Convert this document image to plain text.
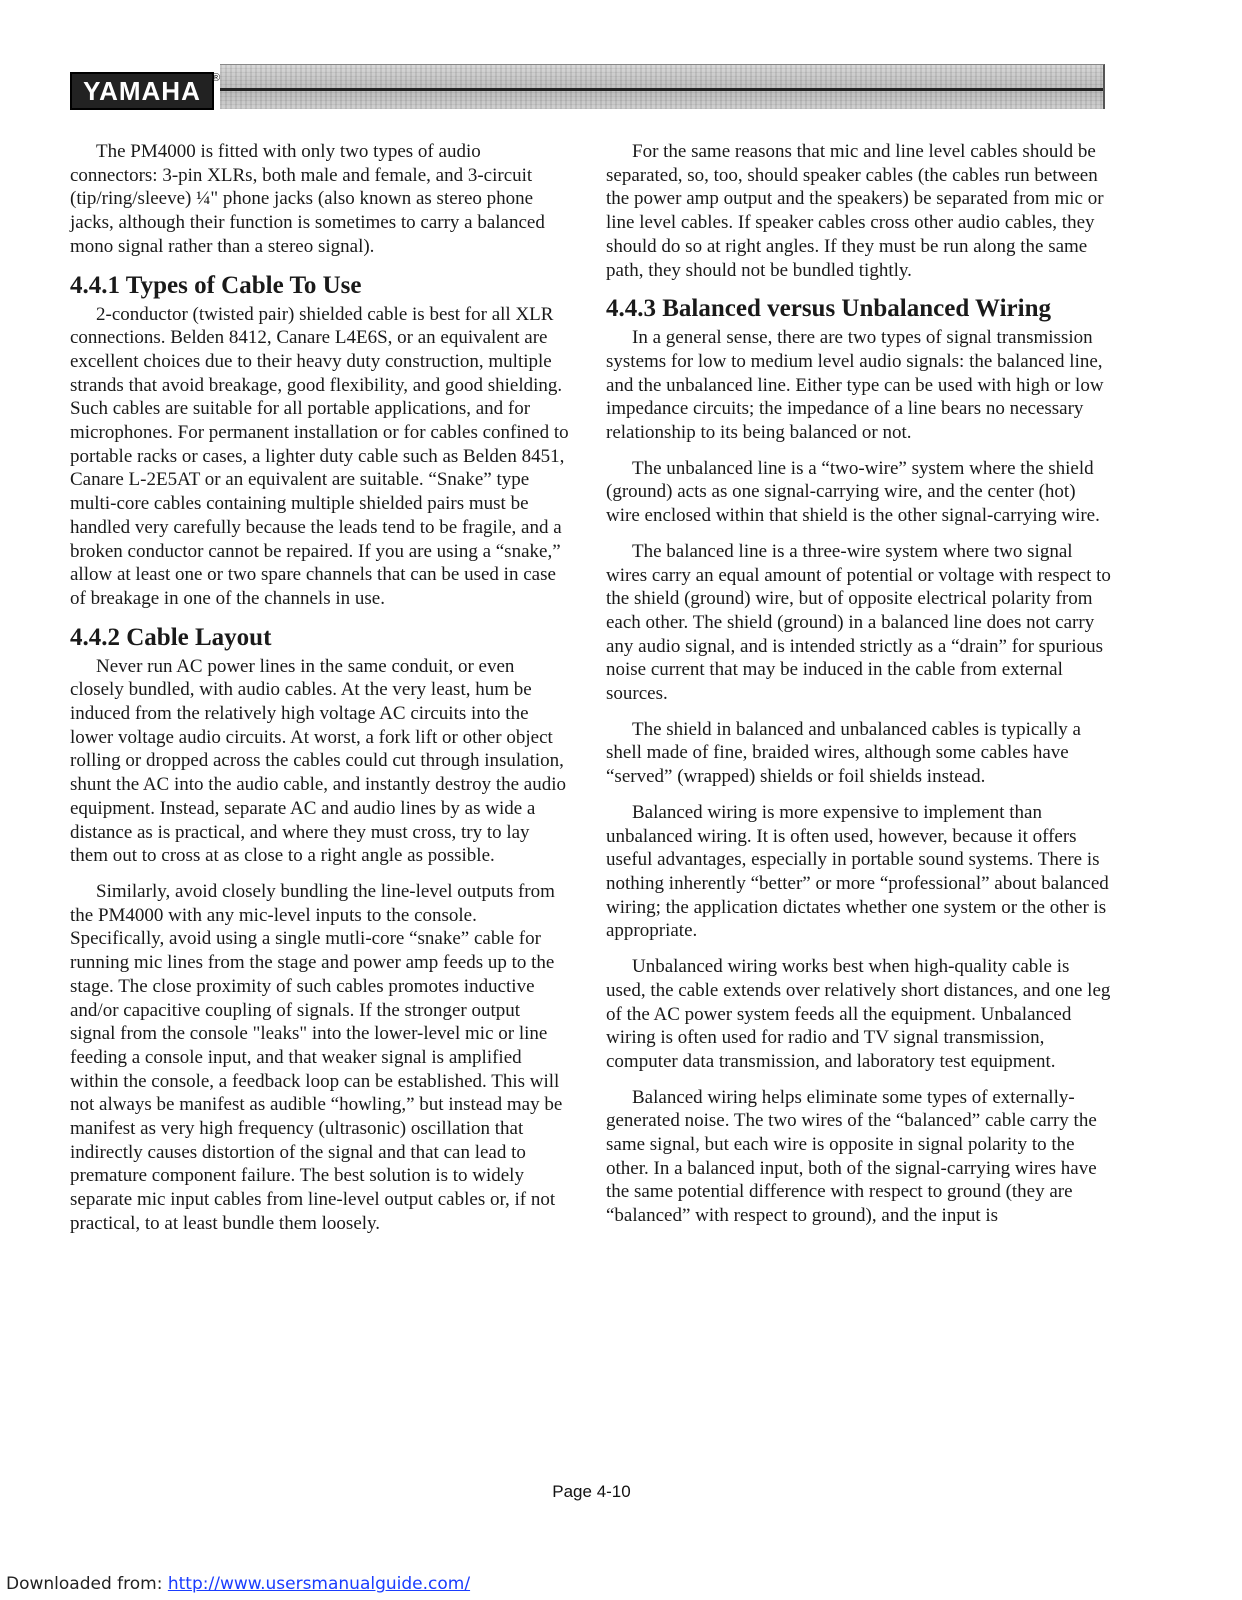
YAMAHA ®

The PM4000 is fitted with only two types of audio connectors: 3-pin XLRs, both male and female, and 3-circuit (tip/ring/sleeve) ¼" phone jacks (also known as stereo phone jacks, although their function is sometimes to carry a balanced mono signal rather than a stereo signal).

4.4.1 Types of Cable To Use

2-conductor (twisted pair) shielded cable is best for all XLR connections. Belden 8412, Canare L4E6S, or an equivalent are excellent choices due to their heavy duty construction, multiple strands that avoid breakage, good flexibility, and good shielding. Such cables are suitable for all portable applications, and for microphones. For permanent installation or for cables confined to portable racks or cases, a lighter duty cable such as Belden 8451, Canare L-2E5AT or an equivalent are suitable. “Snake” type multi-core cables containing multiple shielded pairs must be handled very carefully because the leads tend to be fragile, and a broken conductor cannot be repaired. If you are using a “snake,” allow at least one or two spare channels that can be used in case of breakage in one of the channels in use.

4.4.2 Cable Layout

Never run AC power lines in the same conduit, or even closely bundled, with audio cables. At the very least, hum be induced from the relatively high voltage AC circuits into the lower voltage audio circuits. At worst, a fork lift or other object rolling or dropped across the cables could cut through insulation, shunt the AC into the audio cable, and instantly destroy the audio equipment. Instead, separate AC and audio lines by as wide a distance as is practical, and where they must cross, try to lay them out to cross at as close to a right angle as possible.

Similarly, avoid closely bundling the line-level outputs from the PM4000 with any mic-level inputs to the console. Specifically, avoid using a single mutli-core “snake” cable for running mic lines from the stage and power amp feeds up to the stage. The close proximity of such cables promotes inductive and/or capacitive coupling of signals. If the stronger output signal from the console "leaks" into the lower-level mic or line feeding a console input, and that weaker signal is amplified within the console, a feedback loop can be established. This will not always be manifest as audible “howling,” but instead may be manifest as very high frequency (ultrasonic) oscillation that indirectly causes distortion of the signal and that can lead to premature component failure. The best solution is to widely separate mic input cables from line-level output cables or, if not practical, to at least bundle them loosely.

For the same reasons that mic and line level cables should be separated, so, too, should speaker cables (the cables run between the power amp output and the speakers) be separated from mic or line level cables. If speaker cables cross other audio cables, they should do so at right angles. If they must be run along the same path, they should not be bundled tightly.

4.4.3 Balanced versus Unbalanced Wiring

In a general sense, there are two types of signal transmission systems for low to medium level audio signals: the balanced line, and the unbalanced line. Either type can be used with high or low impedance circuits; the impedance of a line bears no necessary relationship to its being balanced or not.

The unbalanced line is a “two-wire” system where the shield (ground) acts as one signal-carrying wire, and the center (hot) wire enclosed within that shield is the other signal-carrying wire.

The balanced line is a three-wire system where two signal wires carry an equal amount of potential or voltage with respect to the shield (ground) wire, but of opposite electrical polarity from each other. The shield (ground) in a balanced line does not carry any audio signal, and is intended strictly as a “drain” for spurious noise current that may be induced in the cable from external sources.

The shield in balanced and unbalanced cables is typically a shell made of fine, braided wires, although some cables have “served” (wrapped) shields or foil shields instead.

Balanced wiring is more expensive to implement than unbalanced wiring. It is often used, however, because it offers useful advantages, especially in portable sound systems. There is nothing inherently “better” or more “professional” about balanced wiring; the application dictates whether one system or the other is appropriate.

Unbalanced wiring works best when high-quality cable is used, the cable extends over relatively short distances, and one leg of the AC power system feeds all the equipment. Unbalanced wiring is often used for radio and TV signal transmission, computer data transmission, and laboratory test equipment.

Balanced wiring helps eliminate some types of externally-generated noise. The two wires of the “balanced” cable carry the same signal, but each wire is opposite in signal polarity to the other. In a balanced input, both of the signal-carrying wires have the same potential difference with respect to ground (they are “balanced” with respect to ground), and the input is

Page 4-10
Downloaded from: http://www.usersmanualguide.com/
